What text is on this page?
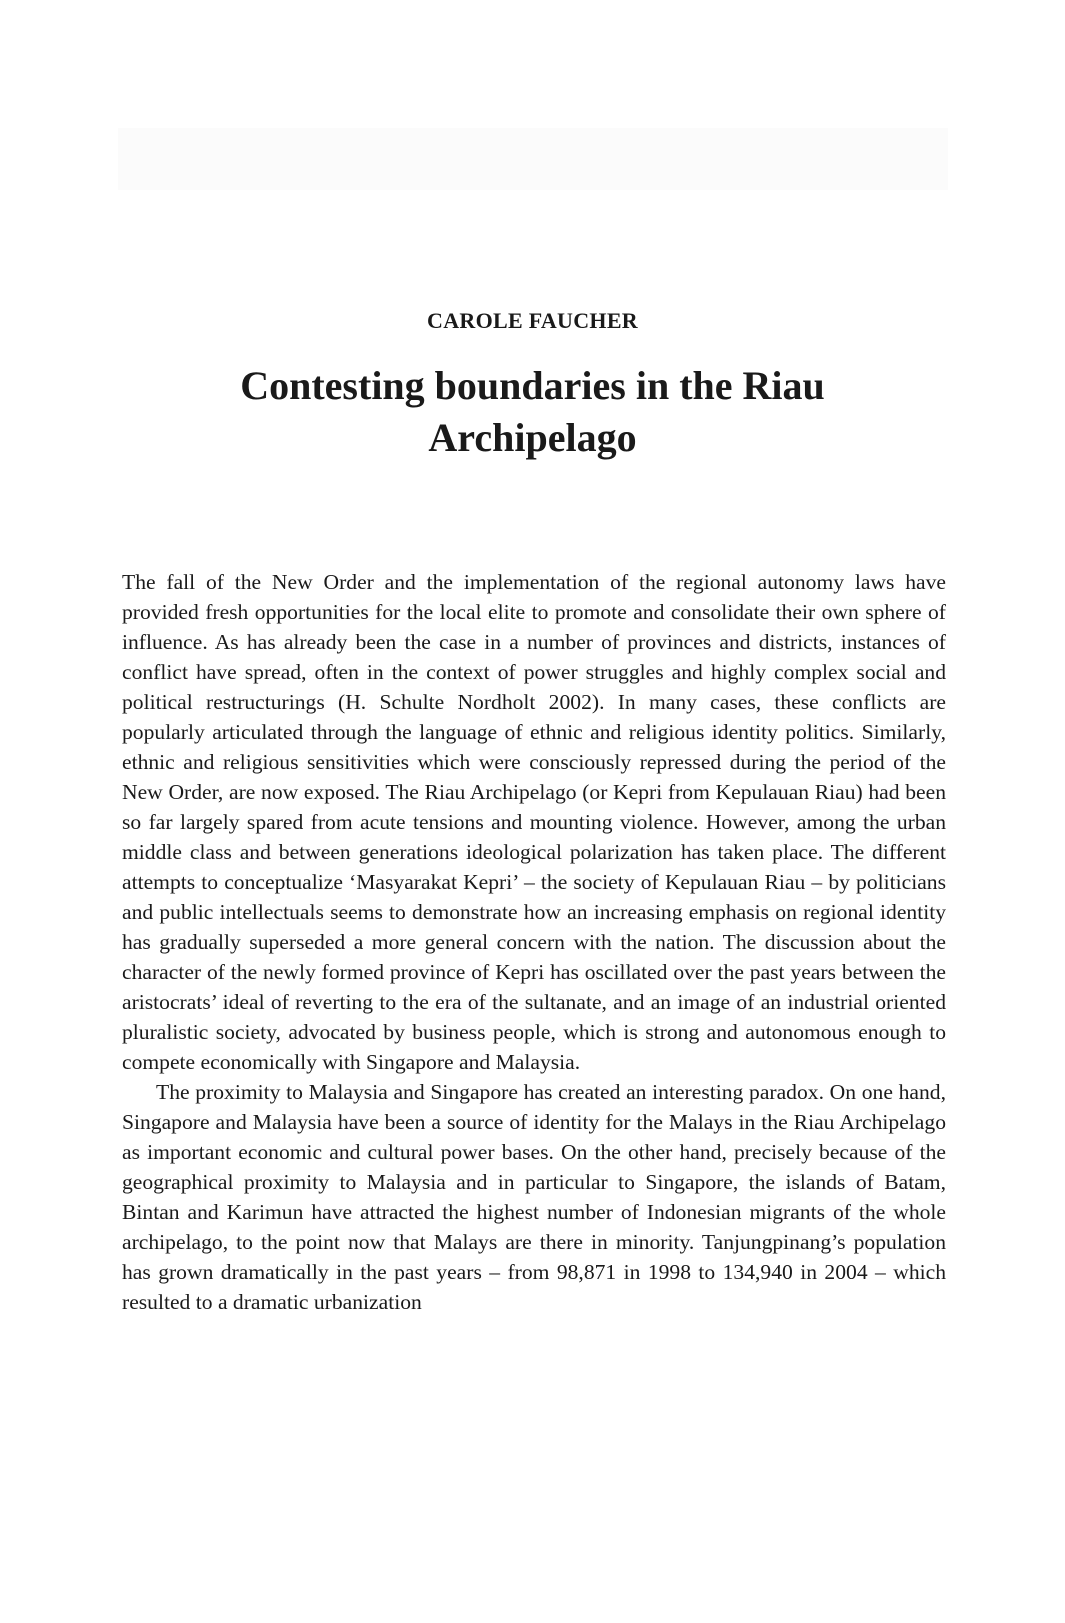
CAROLE FAUCHER
Contesting boundaries in the Riau Archipelago

The fall of the New Order and the implementation of the regional autonomy laws have provided fresh opportunities for the local elite to promote and consolidate their own sphere of influence. As has already been the case in a number of provinces and districts, instances of conflict have spread, often in the context of power struggles and highly complex social and political restructurings (H. Schulte Nordholt 2002). In many cases, these conflicts are popularly articulated through the language of ethnic and religious identity politics. Similarly, ethnic and religious sensitivities which were consciously repressed during the period of the New Order, are now exposed. The Riau Archipelago (or Kepri from Kepulauan Riau) had been so far largely spared from acute tensions and mounting violence. However, among the urban middle class and between generations ideological polarization has taken place. The different attempts to conceptualize ‘Masyarakat Kepri’ – the society of Kepulauan Riau – by politicians and public intellectuals seems to demonstrate how an increasing emphasis on regional identity has gradually superseded a more general concern with the nation. The discussion about the character of the newly formed province of Kepri has oscillated over the past years between the aristocrats’ ideal of reverting to the era of the sultanate, and an image of an industrial oriented pluralistic society, advocated by business people, which is strong and autonomous enough to compete economically with Singapore and Malaysia.

The proximity to Malaysia and Singapore has created an interesting paradox. On one hand, Singapore and Malaysia have been a source of identity for the Malays in the Riau Archipelago as important economic and cultural power bases. On the other hand, precisely because of the geographical proximity to Malaysia and in particular to Singapore, the islands of Batam, Bintan and Karimun have attracted the highest number of Indonesian migrants of the whole archipelago, to the point now that Malays are there in minority. Tanjungpinang’s population has grown dramatically in the past years – from 98,871 in 1998 to 134,940 in 2004 – which resulted to a dramatic urbanization
